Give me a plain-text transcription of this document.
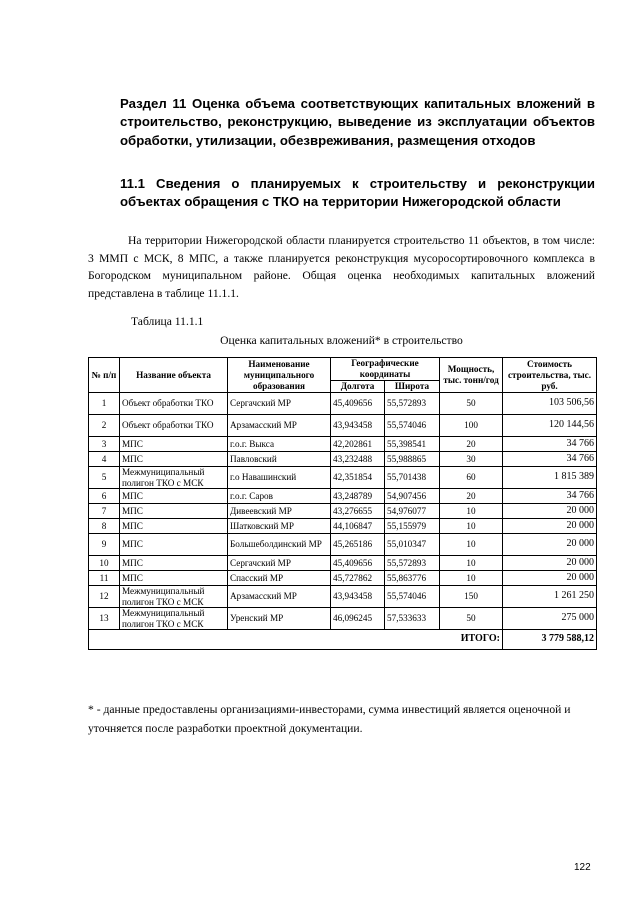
Раздел 11 Оценка объема соответствующих капитальных вложений в строительство, реконструкцию, выведение из эксплуатации объектов обработки, утилизации, обезвреживания, размещения отходов
11.1 Сведения о планируемых к строительству и реконструкции объектах обращения с ТКО на территории Нижегородской области
На территории Нижегородской области планируется строительство 11 объектов, в том числе: 3 ММП с МСК, 8 МПС, а также планируется реконструкция мусоросортировочного комплекса в Богородском муниципальном районе. Общая оценка необходимых капитальных вложений представлена в таблице 11.1.1.
Таблица 11.1.1
Оценка капитальных вложений* в строительство
№ п/п	Название объекта	Наименование муниципального образования	Географические координаты		Мощность, тыс. тонн/год	Стоимость строительства, тыс. руб.
			Долгота	Широта		
1	Объект обработки ТКО	Сергачский МР	45,409656	55,572893	50	103 506,56
2	Объект обработки ТКО	Арзамасский МР	43,943458	55,574046	100	120 144,56
3	МПС	г.о.г. Выкса	42,202861	55,398541	20	34 766
4	МПС	Павловский	43,232488	55,988865	30	34 766
5	Межмуниципальный полигон ТКО с МСК	г.о Навашинский	42,351854	55,701438	60	1 815 389
6	МПС	г.о.г. Саров	43,248789	54,907456	20	34 766
7	МПС	Дивеевский МР	43,276655	54,976077	10	20 000
8	МПС	Шатковский МР	44,106847	55,155979	10	20 000
9	МПС	Большеболдинский МР	45,265186	55,010347	10	20 000
10	МПС	Сергачский МР	45,409656	55,572893	10	20 000
11	МПС	Спасский МР	45,727862	55,863776	10	20 000
12	Межмуниципальный полигон ТКО с МСК	Арзамасский МР	43,943458	55,574046	150	1 261 250
13	Межмуниципальный полигон ТКО с МСК	Уренский МР	46,096245	57,533633	50	275 000
ИТОГО:						3 779 588,12
* - данные предоставлены организациями-инвесторами, сумма инвестиций является оценочной и уточняется после разработки проектной документации.
122
